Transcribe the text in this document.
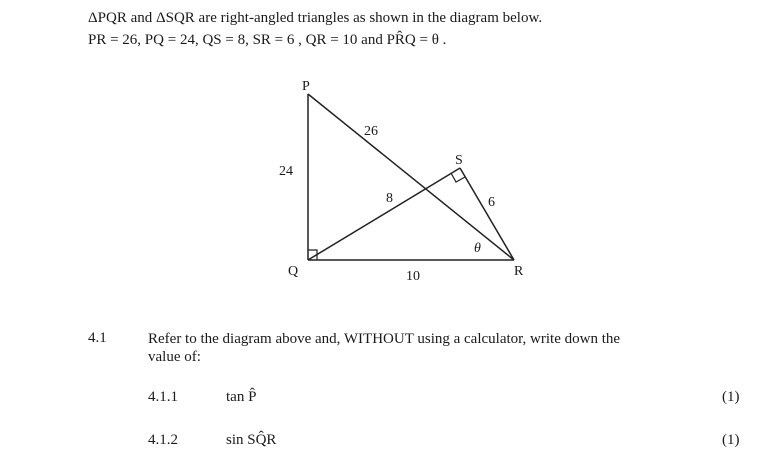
ΔPQR and ΔSQR are right-angled triangles as shown in the diagram below.
PR = 26, PQ = 24, QS = 8, SR = 6 , QR = 10 and PR̂Q = θ .
P
Q	R
S
26
24
8	6
10
θ
4.1	Refer to the diagram above and, WITHOUT using a calculator, write down the
value of:
4.1.1	tan P̂	(1)
4.1.2	sin SQ̂R	(1)
